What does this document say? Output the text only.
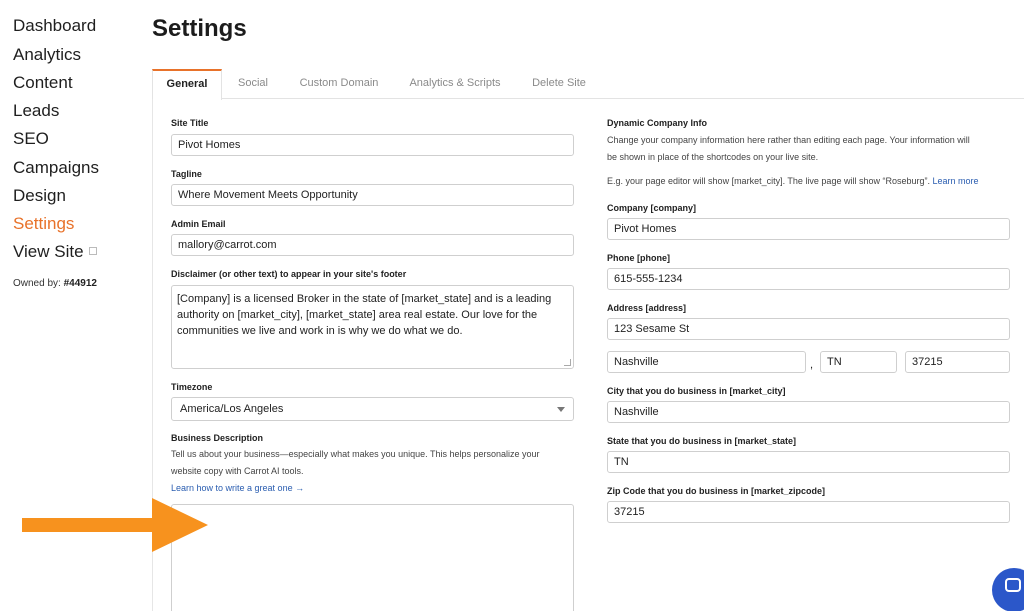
Dashboard
Analytics
Content
Leads
SEO
Campaigns
Design
Settings
View Site
Owned by: #44912
Settings
General	Social	Custom Domain	Analytics & Scripts	Delete Site
Site Title
Pivot Homes
Tagline
Where Movement Meets Opportunity
Admin Email
mallory@carrot.com
Disclaimer (or other text) to appear in your site's footer
[Company] is a licensed Broker in the state of [market_state] and is a leading authority on [market_city], [market_state] area real estate. Our love for the communities we live and work in is why we do what we do.
Timezone
America/Los Angeles
Business Description
Tell us about your business—especially what makes you unique. This helps personalize your
website copy with Carrot AI tools.
Learn how to write a great one →
Dynamic Company Info
Change your company information here rather than editing each page. Your information will
be shown in place of the shortcodes on your live site.
E.g. your page editor will show [market_city]. The live page will show “Roseburg”. Learn more
Company [company]
Pivot Homes
Phone [phone]
615-555-1234
Address [address]
123 Sesame St
Nashville	,	TN	37215
City that you do business in [market_city]
Nashville
State that you do business in [market_state]
TN
Zip Code that you do business in [market_zipcode]
37215
